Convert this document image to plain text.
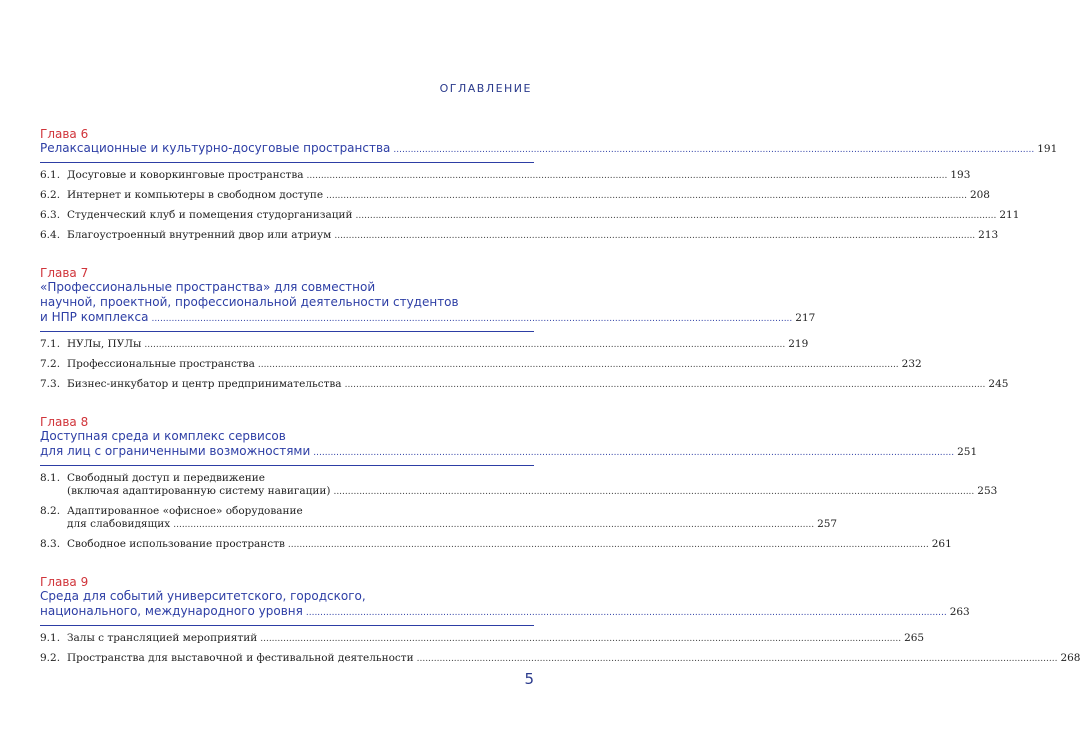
ОГЛАВЛЕНИЕ
Глава 6
Релаксационные и культурно-досуговые пространства .....	191
6.1. Досуговые и коворкинговые пространства .....	193
6.2. Интернет и компьютеры в свободном доступе .....	208
6.3. Студенческий клуб и помещения студорганизаций .....	211
6.4. Благоустроенный внутренний двор или атриум .....	213
Глава 7
«Профессиональные пространства» для совместной
научной, проектной, профессиональной деятельности студентов
и НПР комплекса .....	217
7.1. НУЛы, ПУЛы .....	219
7.2. Профессиональные пространства .....	232
7.3. Бизнес-инкубатор и центр предпринимательства .....	245
Глава 8
Доступная среда и комплекс сервисов
для лиц с ограниченными возможностями .....	251
8.1. Свободный доступ и передвижение
(включая адаптированную систему навигации) .....	253
8.2. Адаптированное «офисное» оборудование
для слабовидящих .....	257
8.3. Свободное использование пространств .....	261
Глава 9
Среда для событий университетского, городского,
национального, международного уровня .....	263
9.1. Залы с трансляцией мероприятий .....	265
9.2. Пространства для выставочной и фестивальной деятельности .....	268
5
